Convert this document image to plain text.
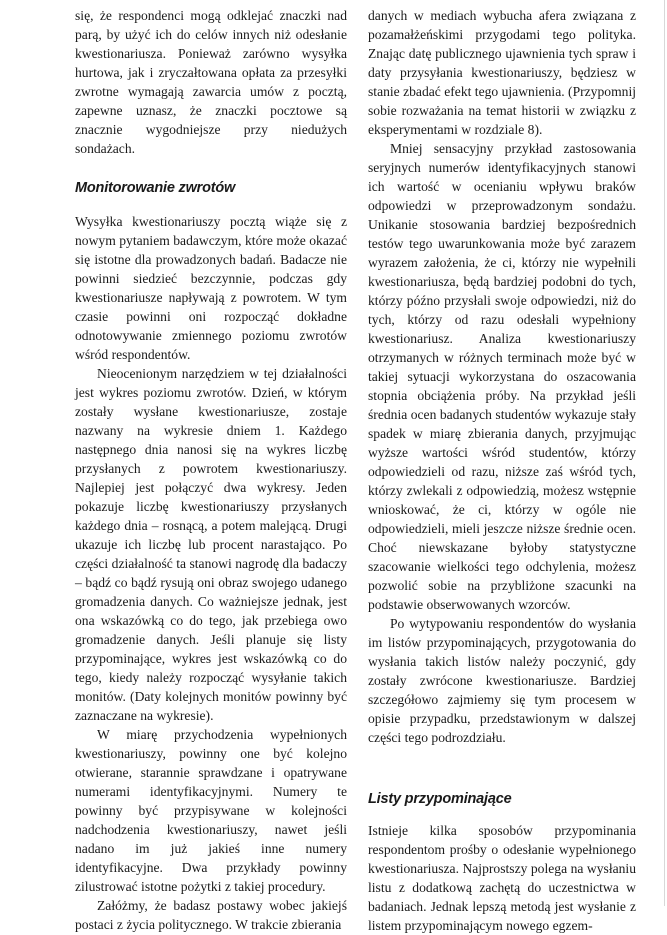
się, że respondenci mogą odklejać znaczki nad parą, by użyć ich do celów innych niż odesłanie kwestionariusza. Ponieważ zarówno wysyłka hurtowa, jak i zryczałtowana opłata za przesyłki zwrotne wymagają zawarcia umów z pocztą, zapewne uznasz, że znaczki pocztowe są znacznie wygodniejsze przy niedużych sondażach.

Monitorowanie zwrotów

Wysyłka kwestionariuszy pocztą wiąże się z nowym pytaniem badawczym, które może okazać się istotne dla prowadzonych badań. Badacze nie powinni siedzieć bezczynnie, podczas gdy kwestionariusze napływają z powrotem. W tym czasie powinni oni rozpocząć dokładne odnotowywanie zmiennego poziomu zwrotów wśród respondentów.

Nieocenionym narzędziem w tej działalności jest wykres poziomu zwrotów. Dzień, w którym zostały wysłane kwestionariusze, zostaje nazwany na wykresie dniem 1. Każdego następnego dnia nanosi się na wykres liczbę przysłanych z powrotem kwestionariuszy. Najlepiej jest połączyć dwa wykresy. Jeden pokazuje liczbę kwestionariuszy przysłanych każdego dnia – rosnącą, a potem malejącą. Drugi ukazuje ich liczbę lub procent narastająco. Po części działalność ta stanowi nagrodę dla badaczy – bądź co bądź rysują oni obraz swojego udanego gromadzenia danych. Co ważniejsze jednak, jest ona wskazówką co do tego, jak przebiega owo gromadzenie danych. Jeśli planuje się listy przypominające, wykres jest wskazówką co do tego, kiedy należy rozpocząć wysyłanie takich monitów. (Daty kolejnych monitów powinny być zaznaczane na wykresie).

W miarę przychodzenia wypełnionych kwestionariuszy, powinny one być kolejno otwierane, starannie sprawdzane i opatrywane numerami identyfikacyjnymi. Numery te powinny być przypisywane w kolejności nadchodzenia kwestionariuszy, nawet jeśli nadano im już jakieś inne numery identyfikacyjne. Dwa przykłady powinny zilustrować istotne pożytki z takiej procedury.

Załóżmy, że badasz postawy wobec jakiejś postaci z życia politycznego. W trakcie zbierania

danych w mediach wybucha afera związana z pozamałżeńskimi przygodami tego polityka. Znając datę publicznego ujawnienia tych spraw i daty przysyłania kwestionariuszy, będziesz w stanie zbadać efekt tego ujawnienia. (Przypomnij sobie rozważania na temat historii w związku z eksperymentami w rozdziale 8).

Mniej sensacyjny przykład zastosowania seryjnych numerów identyfikacyjnych stanowi ich wartość w ocenianiu wpływu braków odpowiedzi w przeprowadzonym sondażu. Unikanie stosowania bardziej bezpośrednich testów tego uwarunkowania może być zarazem wyrazem założenia, że ci, którzy nie wypełnili kwestionariusza, będą bardziej podobni do tych, którzy późno przysłali swoje odpowiedzi, niż do tych, którzy od razu odesłali wypełniony kwestionariusz. Analiza kwestionariuszy otrzymanych w różnych terminach może być w takiej sytuacji wykorzystana do oszacowania stopnia obciążenia próby. Na przykład jeśli średnia ocen badanych studentów wykazuje stały spadek w miarę zbierania danych, przyjmując wyższe wartości wśród studentów, którzy odpowiedzieli od razu, niższe zaś wśród tych, którzy zwlekali z odpowiedzią, możesz wstępnie wnioskować, że ci, którzy w ogóle nie odpowiedzieli, mieli jeszcze niższe średnie ocen. Choć niewskazane byłoby statystyczne szacowanie wielkości tego odchylenia, możesz pozwolić sobie na przybliżone szacunki na podstawie obserwowanych wzorców.

Po wytypowaniu respondentów do wysłania im listów przypominających, przygotowania do wysłania takich listów należy poczynić, gdy zostały zwrócone kwestionariusze. Bardziej szczegółowo zajmiemy się tym procesem w opisie przypadku, przedstawionym w dalszej części tego podrozdziału.

Listy przypominające

Istnieje kilka sposobów przypominania respondentom prośby o odesłanie wypełnionego kwestionariusza. Najprostszy polega na wysłaniu listu z dodatkową zachętą do uczestnictwa w badaniach. Jednak lepszą metodą jest wysłanie z listem przypominającym nowego egzem-
